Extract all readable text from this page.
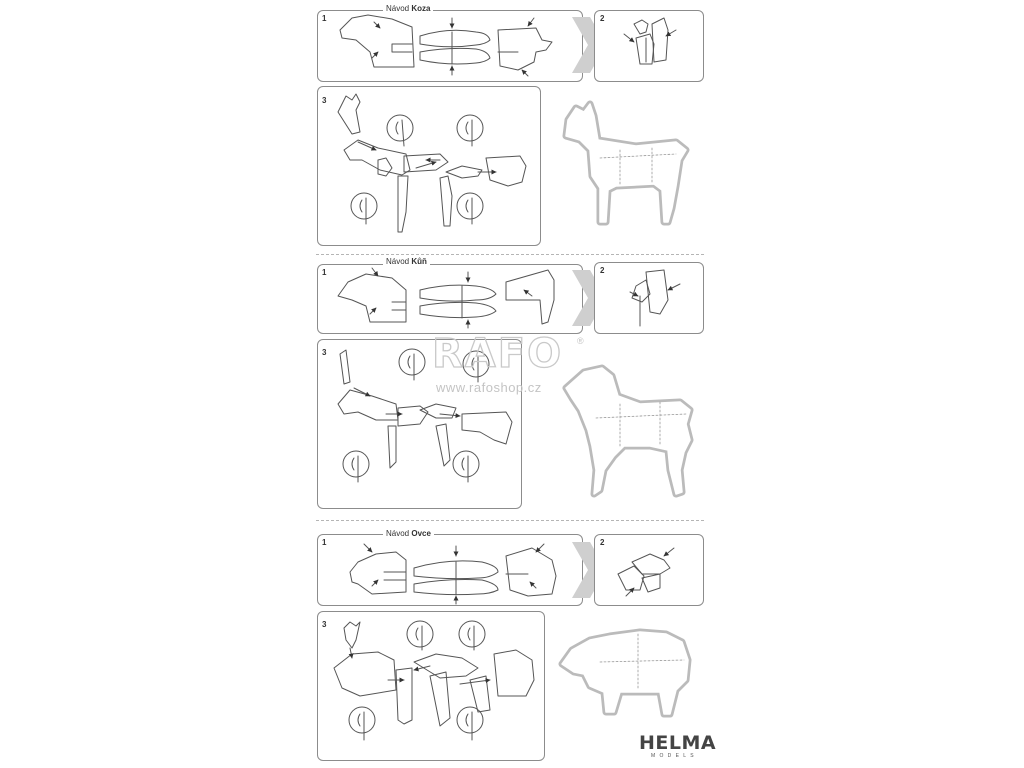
1
Návod Koza
2
3
1
Návod Kůň
2
3
1
Návod Ovce
2
3
RAFO ®
www.rafoshop.cz
HELMA
MODELS
